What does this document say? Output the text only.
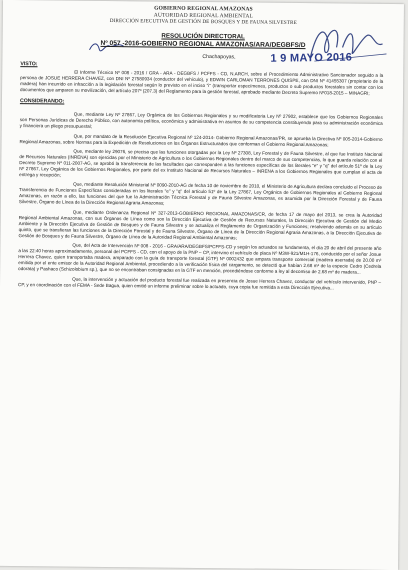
GOBIERNO REGIONAL AMAZONAS
AUTORIDAD REGIONAL AMBIENTAL
DIRECCIÓN EJECUTIVA DE GESTIÓN DE BOSQUES Y DE FAUNA SILVESTRE
RESOLUCIÓN DIRECTORAL
Nº 057 -2016-GOBIERNO REGIONAL AMAZONAS/ARA/DEGBFS/D
Chachapoyas,	1 9 MAYO 2016
VISTO:
El Informe Técnico Nº 008 - 2016 / GRA - ARA - DEGBFS / PCFFS - CD, N.ARCH, sobre el Procedimiento Administrativo Sancionador seguido a la persona de JOSUE HERRERA CHAVEZ, con DNI Nº 27580934 (conductor del vehículo), y EDWIN CARLOMAN TERRONES QUISPE, con DNI Nº 41455307 (propietario de la madera) han incurrido en infracción a la legislación forestal según lo previsto en el inciso "i" (transportar especímenes, productos o sub productos forestales sin contar con los documentos que amparen su movilización, del artículo 207º (207.3) del Reglamento para la gestión forestal, aprobado mediante Decreto Supremo Nº018-2015 – MINAGRI;
CONSIDERANDO:
Que, mediante Ley Nº 27867, Ley Orgánica de los Gobiernos Regionales y su modificatoria Ley Nº 27902, establece que los Gobiernos Regionales son Personas Jurídicas de Derecho Público, con autonomía política, económica y administrativa en asuntos de su competencia constituyendo para su administración económica y financiera un pliego presupuestal;
Que, por mandato de la Resolución Ejecutiva Regional Nº 124-2014- Gobierno Regional Amazonas/PR, se aprueba la Directiva Nº 005-2014-Gobierno Regional Amazonas, sobre Normas para la Expedición de Resoluciones en los Órganos Estructurados que conforman el Gobierno Regional Amazonas;
Que, mediante ley 29076, se precisa que las funciones otorgadas por la Ley Nº 27308, Ley Forestal y de Fauna Silvestre, al que fue Instituto Nacional de Recursos Naturales (INRENA) son ejercidas por el Ministerio de Agricultura o los Gobiernos Regionales dentro del marco de sus competencias, lo que guarda relación con el Decreto Supremo Nº 011-2007-AG, se aprobó la transferencia de las facultades que corresponden a las funciones específicas de los literales "e" y "q" del artículo 51º de la Ley Nº 27867, Ley Orgánica de los Gobiernos Regionales, por parte del ex Instituto Nacional de Recursos Naturales – INRENA a los Gobiernos Regionales que cumplan el acta de entrega y recepción;
Que, mediante Resolución Ministerial Nº 0090-2010-AG de fecha 10 de noviembre de 2010, el Ministerio de Agricultura declara concluido el Proceso de Transferencia de Funciones Específicas consideradas en los literales "e" y "q" del artículo 51º de la Ley 27867, Ley Orgánica de Gobiernos Regionales al Gobierno Regional Amazonas, en razón a ello, las funciones del que fue la Administración Técnica Forestal y de Fauna Silvestre Amazonas, es asumida por la Dirección Forestal y de Fauna Silvestre, Órgano de Línea de la Dirección Regional Agraria Amazonas;
Que, mediante Ordenanza Regional Nº 327-2013-GOBIERNO REGIONAL AMAZONAS/CR, de fecha 17 de mayo del 2013, se crea la Autoridad Regional Ambiental Amazonas, con sus Órganos de Línea como son la Dirección Ejecutiva de Gestión de Recursos Naturales, la Dirección Ejecutiva de Gestión del Medio Ambiente y la Dirección Ejecutiva de Gestión de Bosques y de Fauna Silvestre y se actualiza el Reglamento de Organización y Funciones; resolviendo además en su artículo quinto, que se transfieran las funciones de la Dirección Forestal y de Fauna Silvestre, Órgano de Línea de la Dirección Regional Agraria Amazonas, a la Dirección Ejecutiva de Gestión de Bosques y de Fauna Silvestre, Órgano de Línea de la Autoridad Regional Ambiental Amazonas;
Que, del Acta de Intervención Nº 008 - 2016 - GRA/ARA/DEGBFS/PCFFS-CD y según los actuados se fundamenta, el día 20 de abril del presente año a las 22:40 horas aproximadamente, personal del PCFFS - CD, con el apoyo de la PNP – CP, intervino el vehículo de placa Nº M3W-921/M1H-176, conducido por el señor Josue Herrera Chavez, quien transportaba madera, amparado con la guía de transporte forestal (GTF) Nº 0002432 que ampara transporte comercial (madera aserrada) de 20.00 m³ emitida por el ente emisor de la Autoridad Regional Ambiental, procediendo a la verificación física del cargamento, se detectó que habían 2.68 m³ de la especie Cedro (Cedrela odorata) y Pashaco (Schizolobium sp.), que no se encontraban consignadas en la GTF en mención, procediéndose conforme a ley al decomiso de 2.68 m³ de madera...
Que, la intervención y actuación del producto forestal fue realizada en presencia de Josue Herrera Chavez, conductor del vehículo intervenido, PNP – CP, y en coordinación con el FEMA - Sede Bagua, quien emitió un informe preliminar sobre lo actuado, cuya copia fue remitida a esta Dirección Ejecutiva...
